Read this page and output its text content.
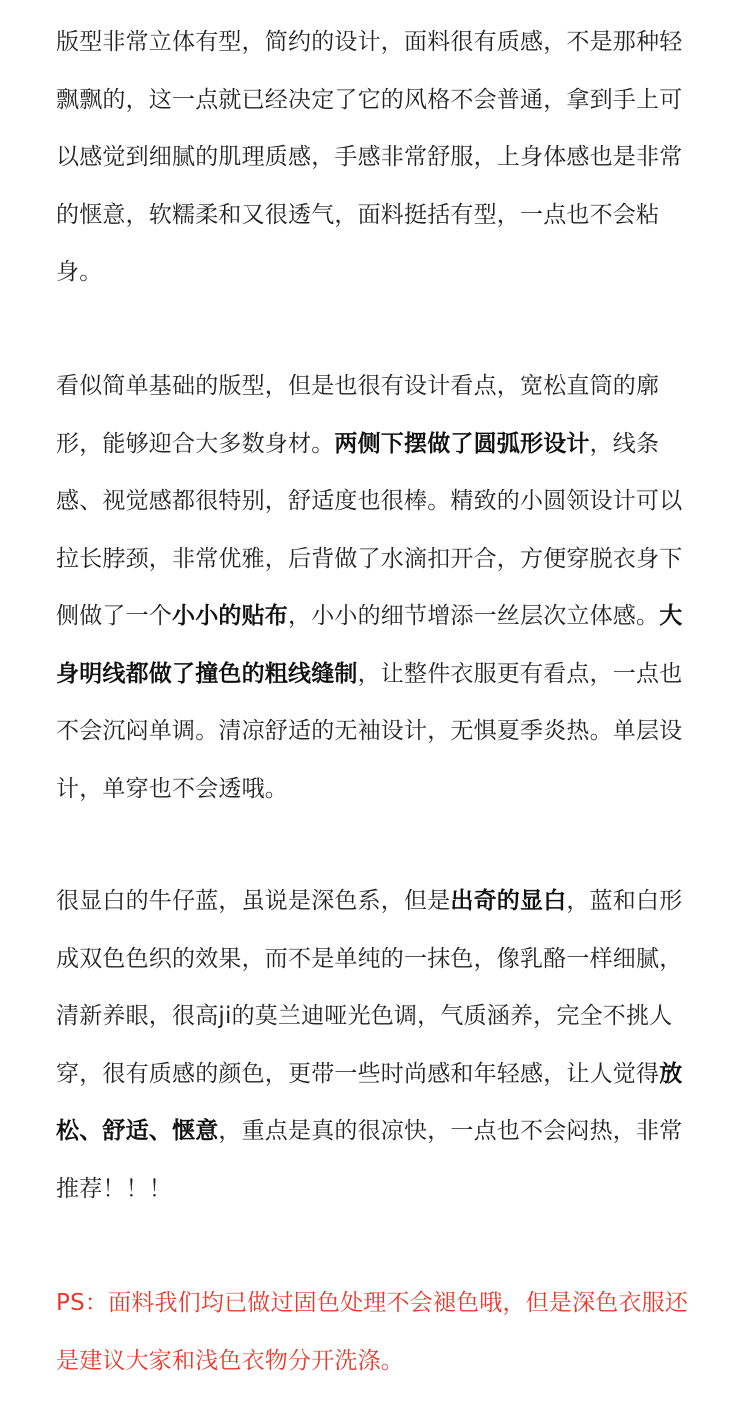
版型非常立体有型，简约的设计，面料很有质感，不是那种轻飘飘的，这一点就已经决定了它的风格不会普通，拿到手上可以感觉到细腻的肌理质感，手感非常舒服，上身体感也是非常的惬意，软糯柔和又很透气，面料挺括有型，一点也不会粘身。

看似简单基础的版型，但是也很有设计看点，宽松直筒的廓形，能够迎合大多数身材。两侧下摆做了圆弧形设计，线条感、视觉感都很特别，舒适度也很棒。精致的小圆领设计可以拉长脖颈，非常优雅，后背做了水滴扣开合，方便穿脱衣身下侧做了一个小小的贴布，小小的细节增添一丝层次立体感。大身明线都做了撞色的粗线缝制，让整件衣服更有看点，一点也不会沉闷单调。清凉舒适的无袖设计，无惧夏季炎热。单层设计，单穿也不会透哦。

很显白的牛仔蓝，虽说是深色系，但是出奇的显白，蓝和白形成双色色织的效果，而不是单纯的一抹色，像乳酪一样细腻，清新养眼，很高ji的莫兰迪哑光色调，气质涵养，完全不挑人穿，很有质感的颜色，更带一些时尚感和年轻感，让人觉得放松、舒适、惬意，重点是真的很凉快，一点也不会闷热，非常推荐！！！

PS：面料我们均已做过固色处理不会褪色哦，但是深色衣服还是建议大家和浅色衣物分开洗涤。
